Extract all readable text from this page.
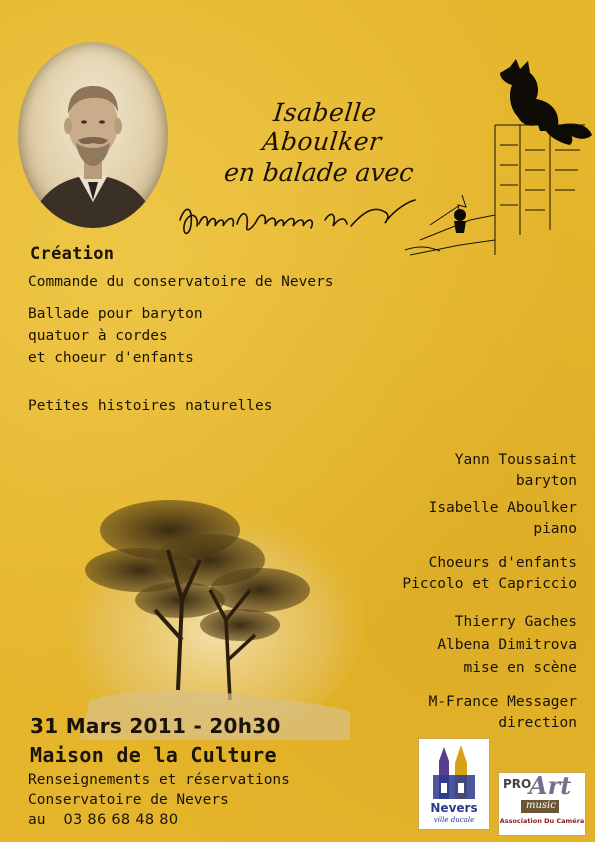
Isabelle Aboulker
en balade avec
Création
Commande du conservatoire de Nevers
Ballade pour baryton
quatuor à cordes
et choeur d'enfants
Petites histoires naturelles
Yann Toussaint
baryton
Isabelle Aboulker
piano
Choeurs d'enfants
Piccolo et Capriccio
Thierry Gaches
Albena Dimitrova
mise en scène
M-France Messager
direction
31 Mars 2011 - 20h30
Maison de la Culture
Renseignements et réservations
Conservatoire de Nevers
au 03 86 68 48 80
Nevers
ville ducale
PRO
Art
music
Association Du Caméra
